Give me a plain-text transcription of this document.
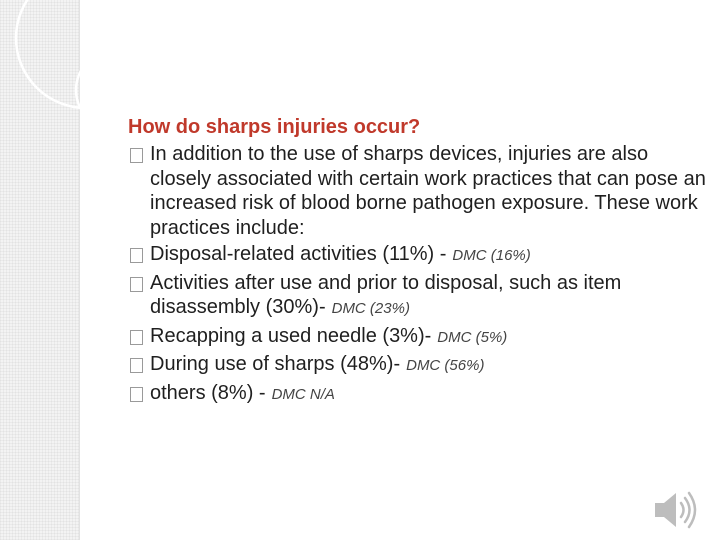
How do sharps injuries occur?

In addition to the use of sharps devices, injuries are also closely associated with certain work practices that can pose an increased risk of blood borne pathogen exposure. These work practices include:
Disposal-related activities (11%) - DMC (16%)
Activities after use and prior to disposal, such as item disassembly (30%)- DMC (23%)
Recapping a used needle (3%)- DMC (5%)
During use of sharps (48%)- DMC (56%)
others (8%) - DMC N/A
